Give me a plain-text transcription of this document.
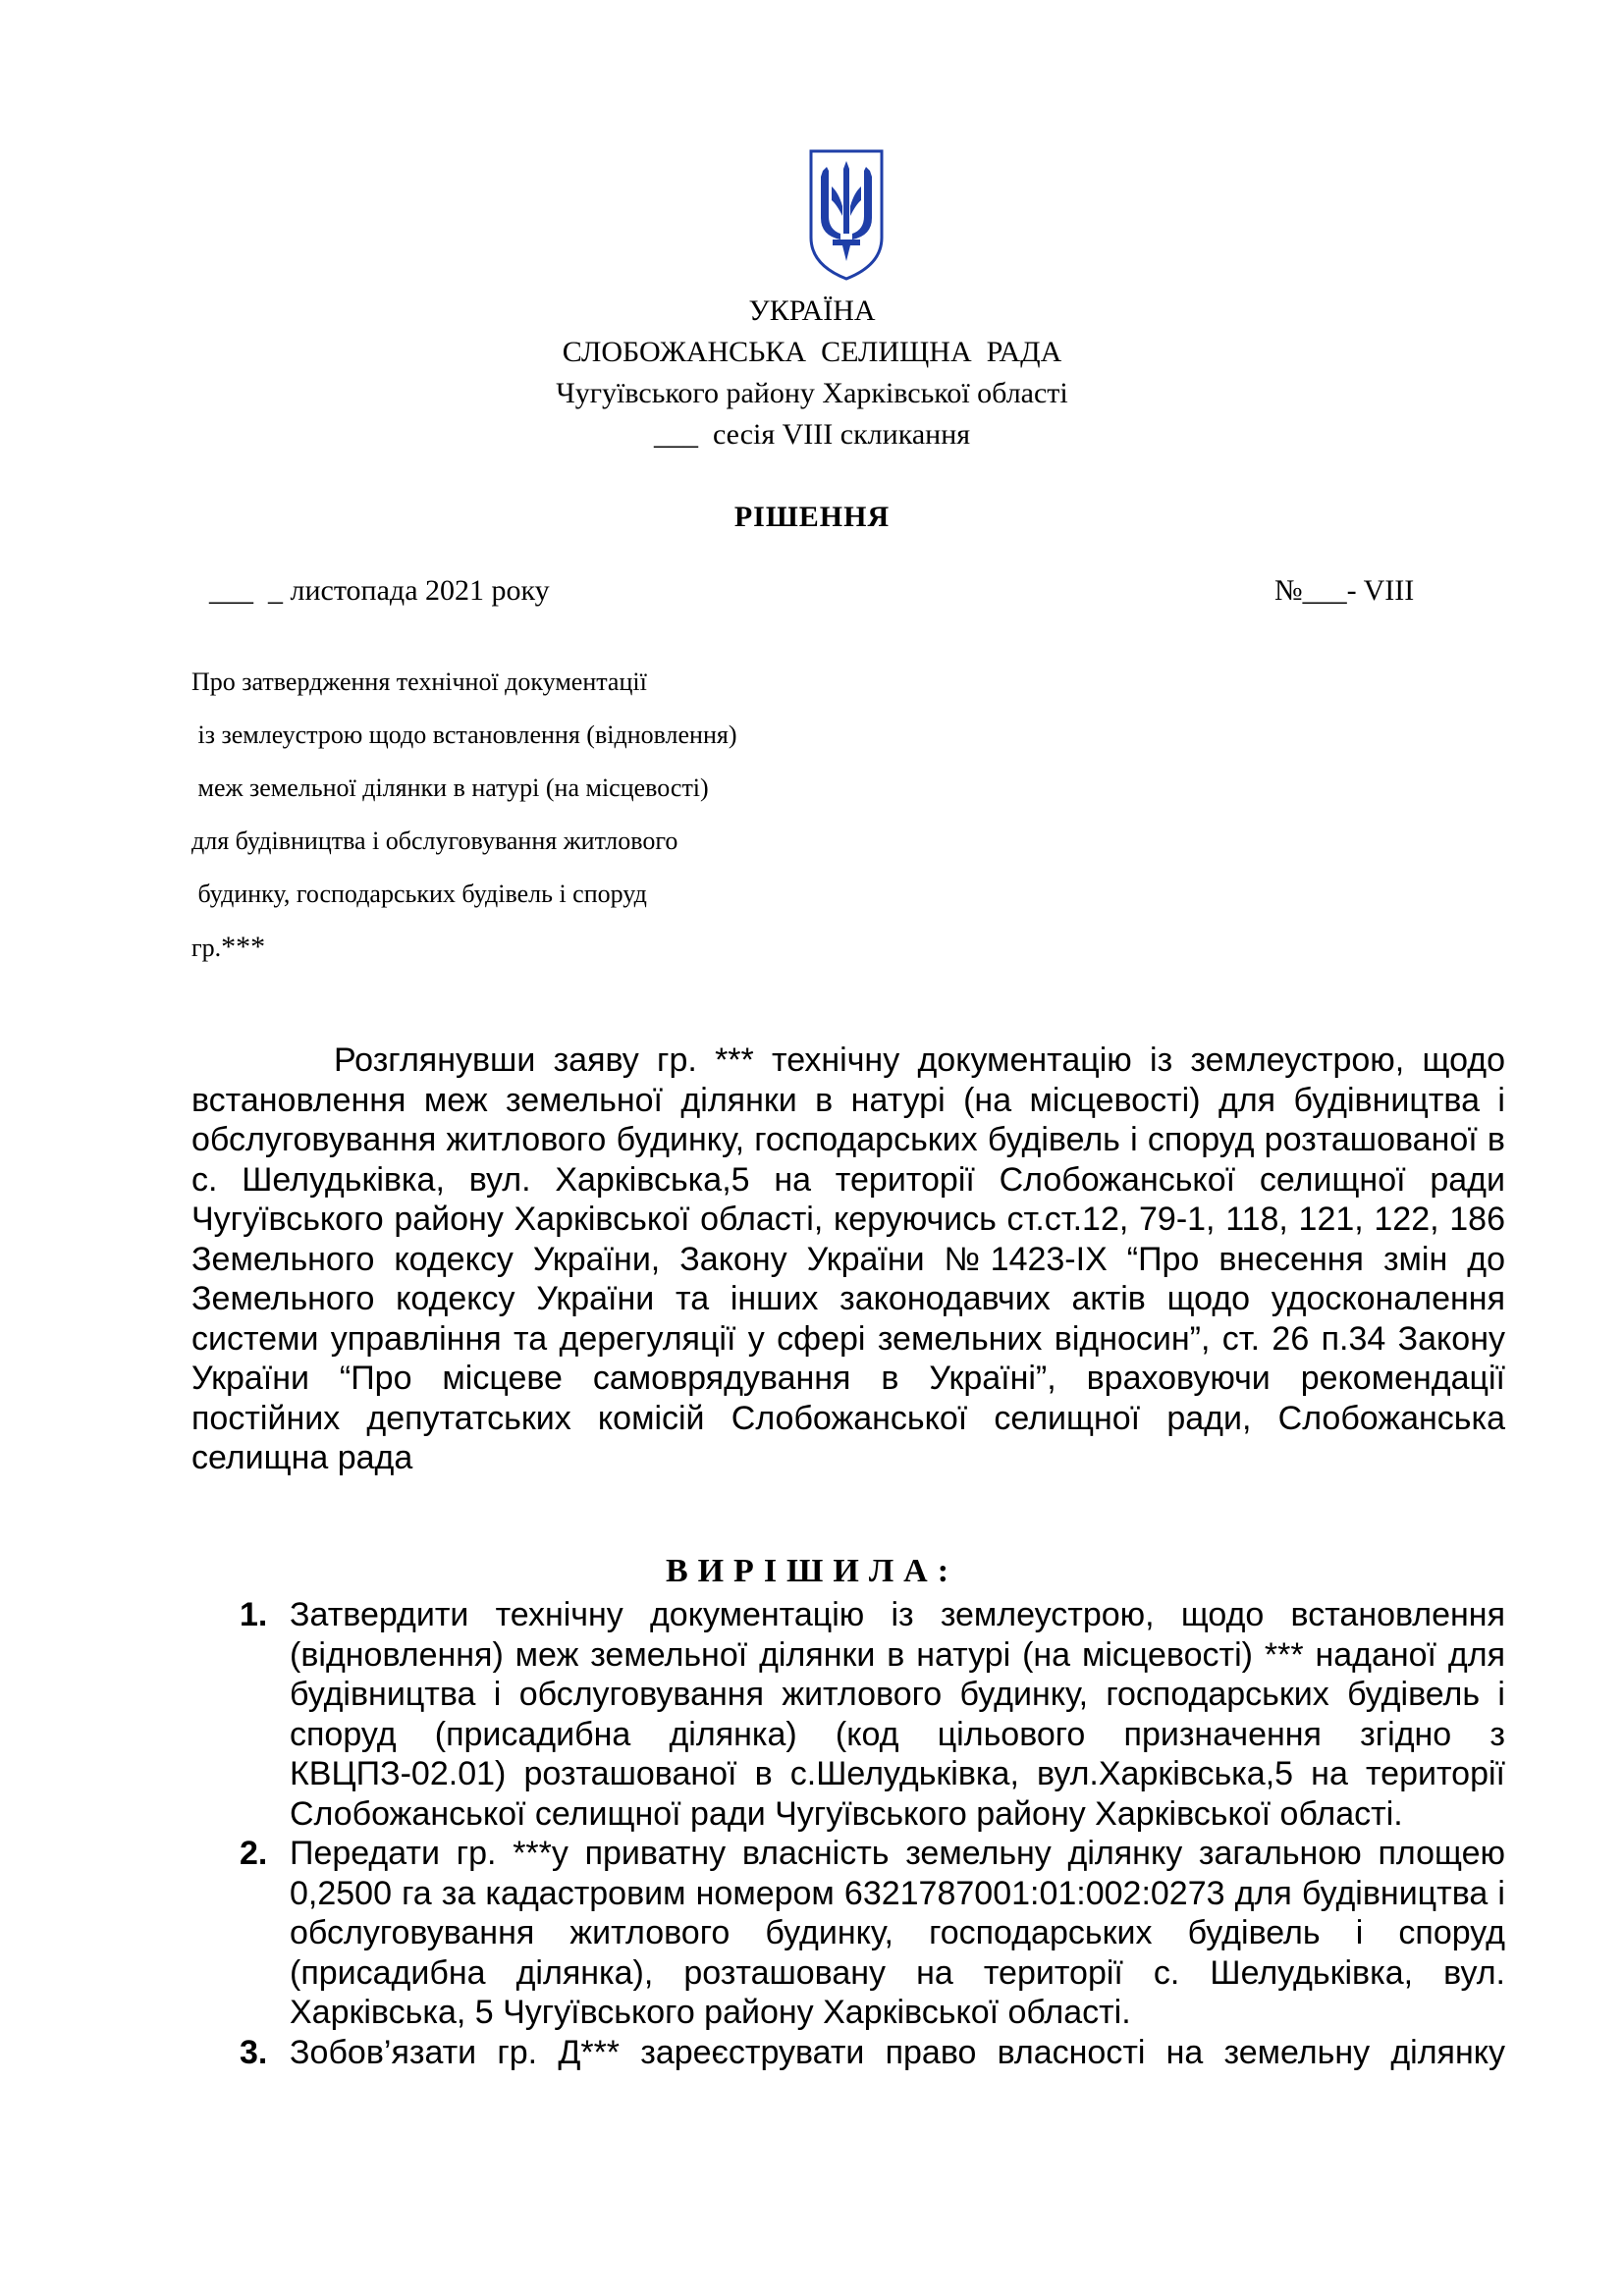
УКРАЇНА
СЛОБОЖАНСЬКА  СЕЛИЩНА  РАДА
Чугуївського району Харківської області
___  сесія VIII скликання
РІШЕННЯ
___  _ листопада 2021 року	№___- VIII
Про затвердження технічної документації
із землеустрою щодо встановлення (відновлення)
меж земельної ділянки в натурі (на місцевості)
для будівництва і обслуговування житлового
будинку, господарських будівель і споруд
гр.***

Розглянувши заяву гр. *** технічну документацію із землеустрою, щодо встановлення меж земельної ділянки в натурі (на місцевості) для будівництва і обслуговування житлового будинку, господарських будівель і споруд розташованої в с. Шелудьківка, вул. Харківська,5 на території Слобожанської селищної ради Чугуївського району Харківської області, керуючись ст.ст.12, 79-1, 118, 121, 122, 186 Земельного кодексу України, Закону України №1423-IX “Про внесення змін до Земельного кодексу України та інших законодавчих актів щодо удосконалення системи управління та дерегуляції у сфері земельних відносин”, ст. 26 п.34 Закону України “Про місцеве самоврядування в Україні”, враховуючи рекомендації постійних депутатських комісій Слобожанської селищної ради, Слобожанська селищна рада

ВИРІШИЛА:
1. Затвердити технічну документацію із землеустрою, щодо встановлення (відновлення) меж земельної ділянки в натурі (на місцевості) *** наданої для будівництва і обслуговування житлового будинку, господарських будівель і споруд (присадибна ділянка) (код цільового призначення згідно з КВЦПЗ-02.01) розташованої в с.Шелудьківка, вул.Харківська,5 на території Слобожанської селищної ради Чугуївського району Харківської області.
2. Передати гр. ***у приватну власність земельну ділянку загальною площею 0,2500 га за кадастровим номером 6321787001:01:002:0273 для будівництва і обслуговування житлового будинку, господарських будівель і споруд (присадибна ділянка), розташовану на території с. Шелудьківка, вул. Харківська, 5 Чугуївського району Харківської області.
3. Зобов’язати гр. Д*** зареєструвати право власності на земельну ділянку
